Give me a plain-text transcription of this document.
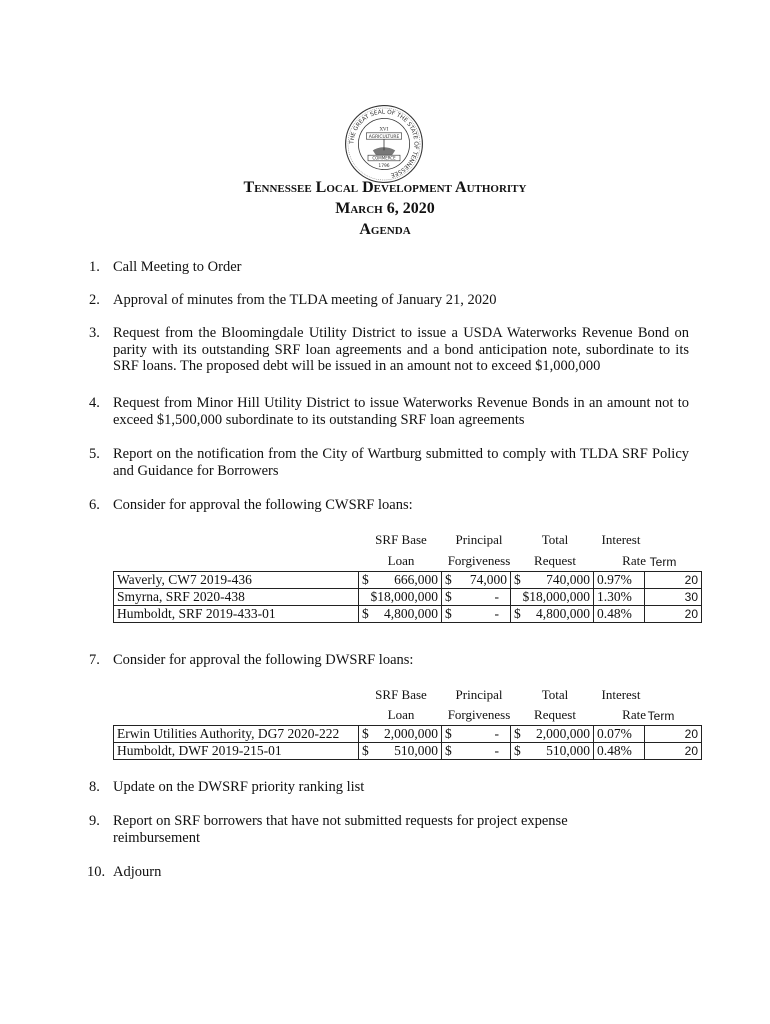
THE GREAT SEAL OF THE STATE OF TENNESSEE
XVI
AGRICULTURE
COMMERCE
1796
Tennessee Local Development Authority
March 6, 2020
Agenda
1. Call Meeting to Order
2. Approval of minutes from the TLDA meeting of January 21, 2020
3. Request from the Bloomingdale Utility District to issue a USDA Waterworks Revenue Bond on parity with its outstanding SRF loan agreements and a bond anticipation note, subordinate to its SRF loans. The proposed debt will be issued in an amount not to exceed $1,000,000
4. Request from Minor Hill Utility District to issue Waterworks Revenue Bonds in an amount not to exceed $1,500,000 subordinate to its outstanding SRF loan agreements
5. Report on the notification from the City of Wartburg submitted to comply with TLDA SRF Policy and Guidance for Borrowers
6. Consider for approval the following CWSRF loans:
SRF Base
Loan
Principal
Forgiveness
Total
Request
Interest
Rate Term
Waverly, CW7 2019-436	$ 666,000	$ 74,000	$ 740,000	0.97%	20
Smyrna, SRF 2020-438	$18,000,000	$ -	$18,000,000	1.30%	30
Humboldt, SRF 2019-433-01	$ 4,800,000	$ -	$ 4,800,000	0.48%	20
7. Consider for approval the following DWSRF loans:
SRF Base
Loan
Principal
Forgiveness
Total
Request
Interest
Rate Term
Erwin Utilities Authority, DG7 2020-222	$ 2,000,000	$ -	$ 2,000,000	0.07%	20
Humboldt, DWF 2019-215-01	$ 510,000	$ -	$ 510,000	0.48%	20
8. Update on the DWSRF priority ranking list
9. Report on SRF borrowers that have not submitted requests for project expense reimbursement
10. Adjourn
